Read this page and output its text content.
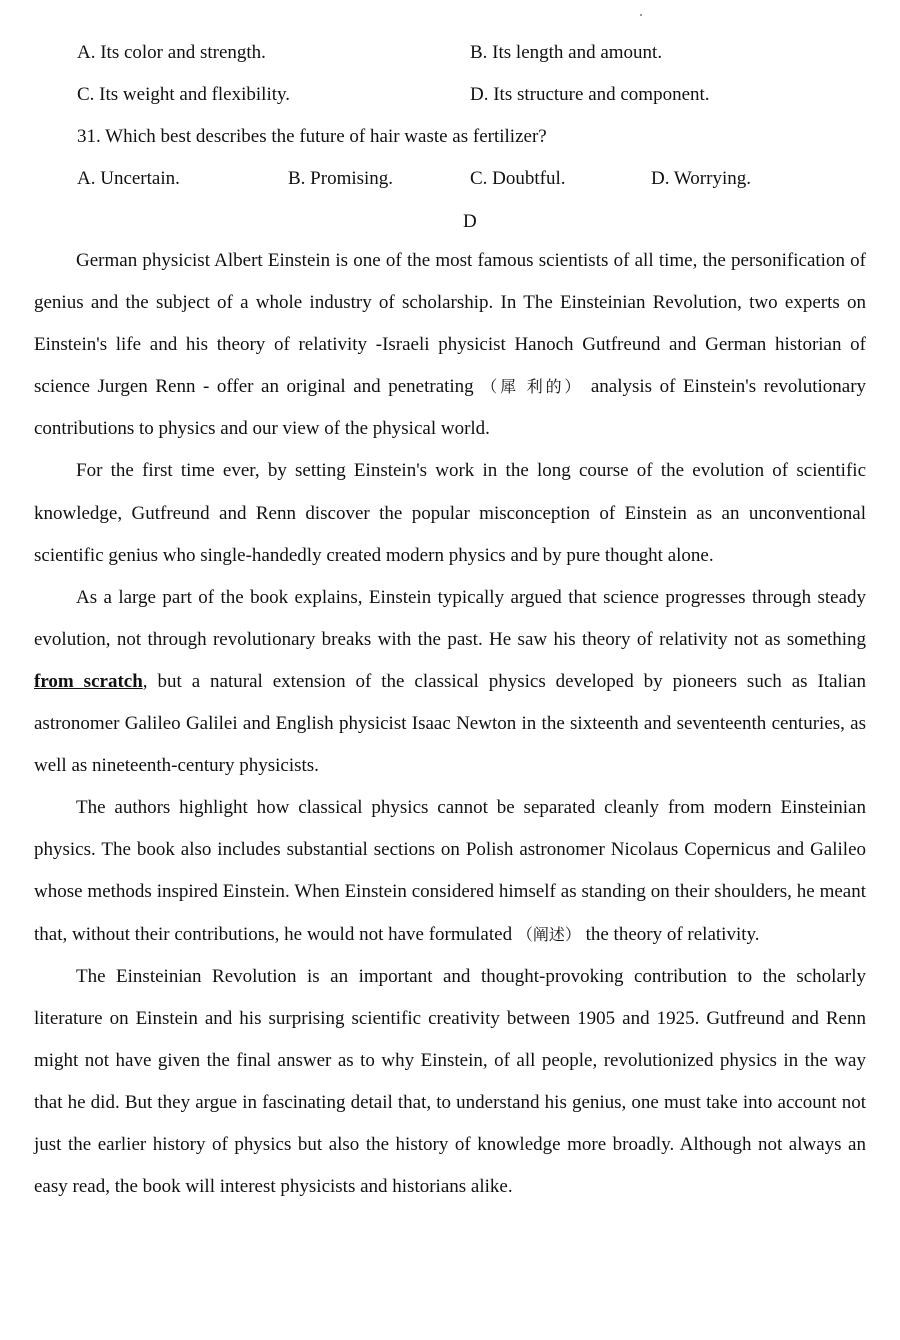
A. Its color and strength.	B. Its length and amount.
C. Its weight and flexibility.	D. Its structure and component.
31. Which best describes the future of hair waste as fertilizer?
A. Uncertain.	B. Promising.	C. Doubtful.	D. Worrying.
D

German physicist Albert Einstein is one of the most famous scientists of all time, the personification of genius and the subject of a whole industry of scholarship. In The Einsteinian Revolution, two experts on Einstein's life and his theory of relativity -Israeli physicist Hanoch Gutfreund and German historian of science Jurgen Renn - offer an original and penetrating （犀 利的） analysis of Einstein's revolutionary contributions to physics and our view of the physical world.

For the first time ever, by setting Einstein's work in the long course of the evolution of scientific knowledge, Gutfreund and Renn discover the popular misconception of Einstein as an unconventional scientific genius who single-handedly created modern physics and by pure thought alone.

As a large part of the book explains, Einstein typically argued that science progresses through steady evolution, not through revolutionary breaks with the past. He saw his theory of relativity not as something from scratch, but a natural extension of the classical physics developed by pioneers such as Italian astronomer Galileo Galilei and English physicist Isaac Newton in the sixteenth and seventeenth centuries, as well as nineteenth-century physicists.

The authors highlight how classical physics cannot be separated cleanly from modern Einsteinian physics. The book also includes substantial sections on Polish astronomer Nicolaus Copernicus and Galileo whose methods inspired Einstein. When Einstein considered himself as standing on their shoulders, he meant that, without their contributions, he would not have formulated （阐述） the theory of relativity.

The Einsteinian Revolution is an important and thought-provoking contribution to the scholarly literature on Einstein and his surprising scientific creativity between 1905 and 1925. Gutfreund and Renn might not have given the final answer as to why Einstein, of all people, revolutionized physics in the way that he did. But they argue in fascinating detail that, to understand his genius, one must take into account not just the earlier history of physics but also the history of knowledge more broadly. Although not always an easy read, the book will interest physicists and historians alike.
